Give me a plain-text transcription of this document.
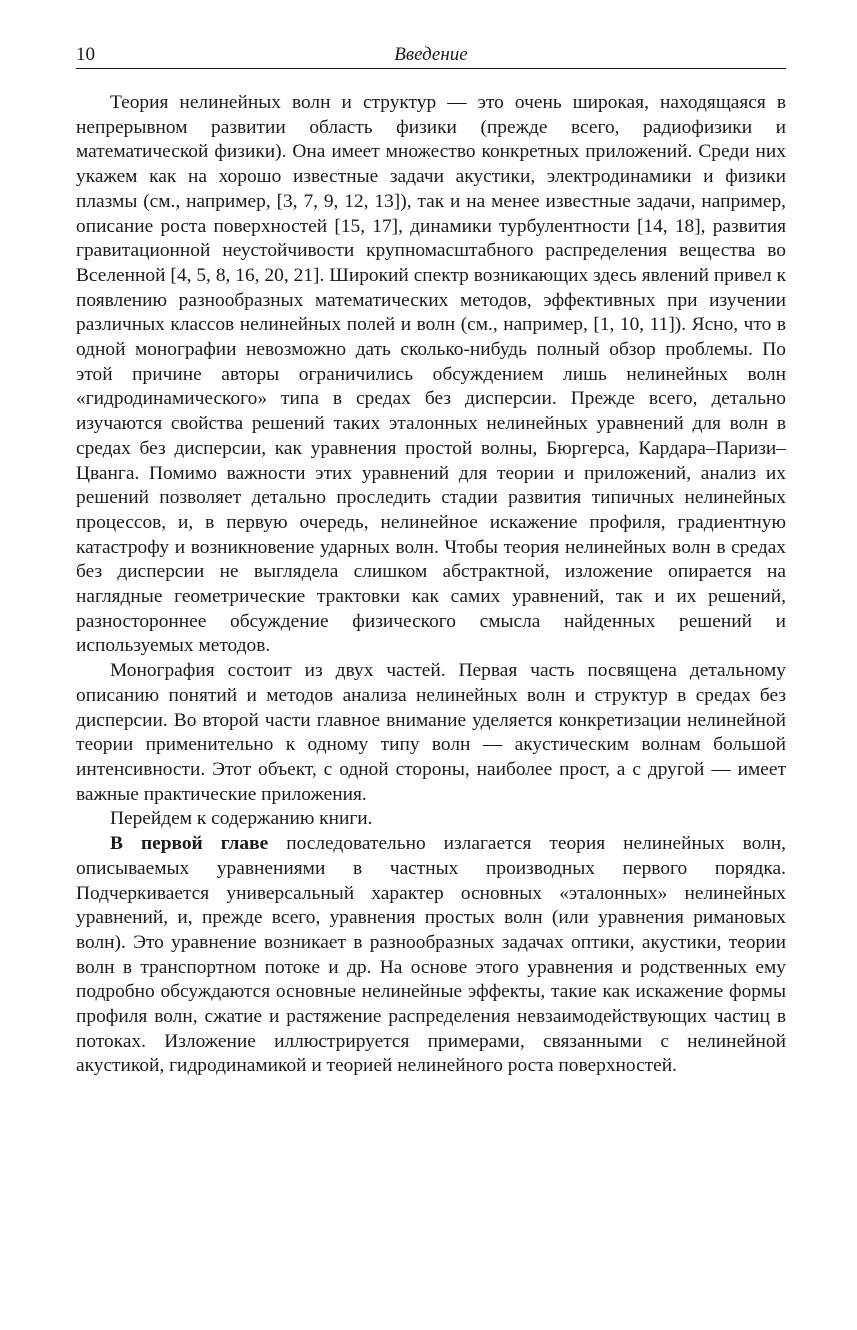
10	Введение

Теория нелинейных волн и структур — это очень широкая, находящаяся в непрерывном развитии область физики (прежде всего, радиофизики и математической физики). Она имеет множество конкретных приложений. Среди них укажем как на хорошо известные задачи акустики, электродинамики и физики плазмы (см., например, [3, 7, 9, 12, 13]), так и на менее известные задачи, например, описание роста поверхностей [15, 17], динамики турбулентности [14, 18], развития гравитационной неустойчивости крупномасштабного распределения вещества во Вселенной [4, 5, 8, 16, 20, 21]. Широкий спектр возникающих здесь явлений привел к появлению разнообразных математических методов, эффективных при изучении различных классов нелинейных полей и волн (см., например, [1, 10, 11]). Ясно, что в одной монографии невозможно дать сколько-нибудь полный обзор проблемы. По этой причине авторы ограничились обсуждением лишь нелинейных волн «гидродинамического» типа в средах без дисперсии. Прежде всего, детально изучаются свойства решений таких эталонных нелинейных уравнений для волн в средах без дисперсии, как уравнения простой волны, Бюргерса, Кардара–Паризи–Цванга. Помимо важности этих уравнений для теории и приложений, анализ их решений позволяет детально проследить стадии развития типичных нелинейных процессов, и, в первую очередь, нелинейное искажение профиля, градиентную катастрофу и возникновение ударных волн. Чтобы теория нелинейных волн в средах без дисперсии не выглядела слишком абстрактной, изложение опирается на наглядные геометрические трактовки как самих уравнений, так и их решений, разностороннее обсуждение физического смысла найденных решений и используемых методов.

Монография состоит из двух частей. Первая часть посвящена детальному описанию понятий и методов анализа нелинейных волн и структур в средах без дисперсии. Во второй части главное внимание уделяется конкретизации нелинейной теории применительно к одному типу волн — акустическим волнам большой интенсивности. Этот объект, с одной стороны, наиболее прост, а с другой — имеет важные практические приложения.

Перейдем к содержанию книги.

В первой главе последовательно излагается теория нелинейных волн, описываемых уравнениями в частных производных первого порядка. Подчеркивается универсальный характер основных «эталонных» нелинейных уравнений, и, прежде всего, уравнения простых волн (или уравнения римановых волн). Это уравнение возникает в разнообразных задачах оптики, акустики, теории волн в транспортном потоке и др. На основе этого уравнения и родственных ему подробно обсуждаются основные нелинейные эффекты, такие как искажение формы профиля волн, сжатие и растяжение распределения невзаимодействующих частиц в потоках. Изложение иллюстрируется примерами, связанными с нелинейной акустикой, гидродинамикой и теорией нелинейного роста поверхностей.
